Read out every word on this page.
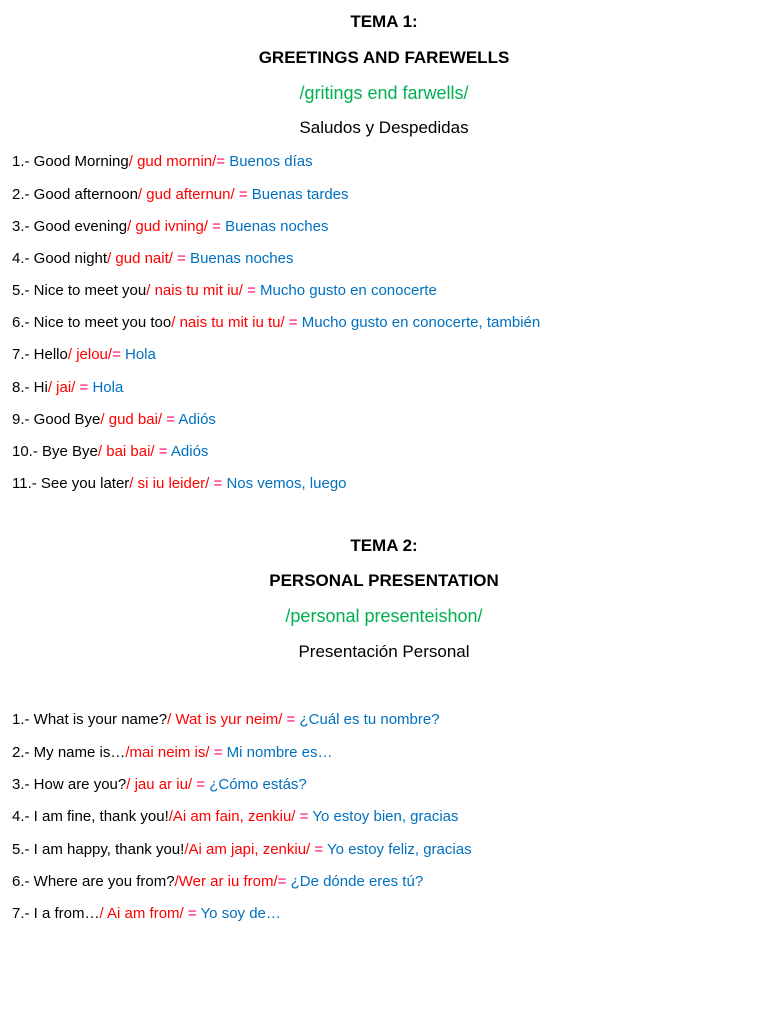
TEMA 1:
GREETINGS AND FAREWELLS
/gritings end farwells/
Saludos y Despedidas
1.- Good Morning/ gud mornin/= Buenos días
2.- Good afternoon/ gud afternun/ = Buenas tardes
3.- Good evening/ gud ivning/ = Buenas noches
4.- Good night/ gud nait/ = Buenas noches
5.- Nice to meet you/ nais tu mit iu/ = Mucho gusto en conocerte
6.- Nice to meet you too/ nais tu mit iu tu/ = Mucho gusto en conocerte, también
7.- Hello/ jelou/= Hola
8.- Hi/ jai/ = Hola
9.- Good Bye/ gud bai/ = Adiós
10.- Bye Bye/ bai bai/ = Adiós
11.- See you later/ si iu leider/ = Nos vemos, luego
TEMA 2:
PERSONAL PRESENTATION
/personal presenteishon/
Presentación Personal
1.- What is your name?/ Wat is yur neim/ = ¿Cuál es tu nombre?
2.- My name is…/mai neim is/ = Mi nombre es…
3.- How are you?/ jau ar iu/ = ¿Cómo estás?
4.- I am fine, thank you!/Ai am fain, zenkiu/ = Yo estoy bien, gracias
5.- I am happy, thank you!/Ai am japi, zenkiu/ = Yo estoy feliz, gracias
6.- Where are you from?/Wer ar iu from/= ¿De dónde eres tú?
7.- I a from…/ Ai am from/ = Yo soy de…
